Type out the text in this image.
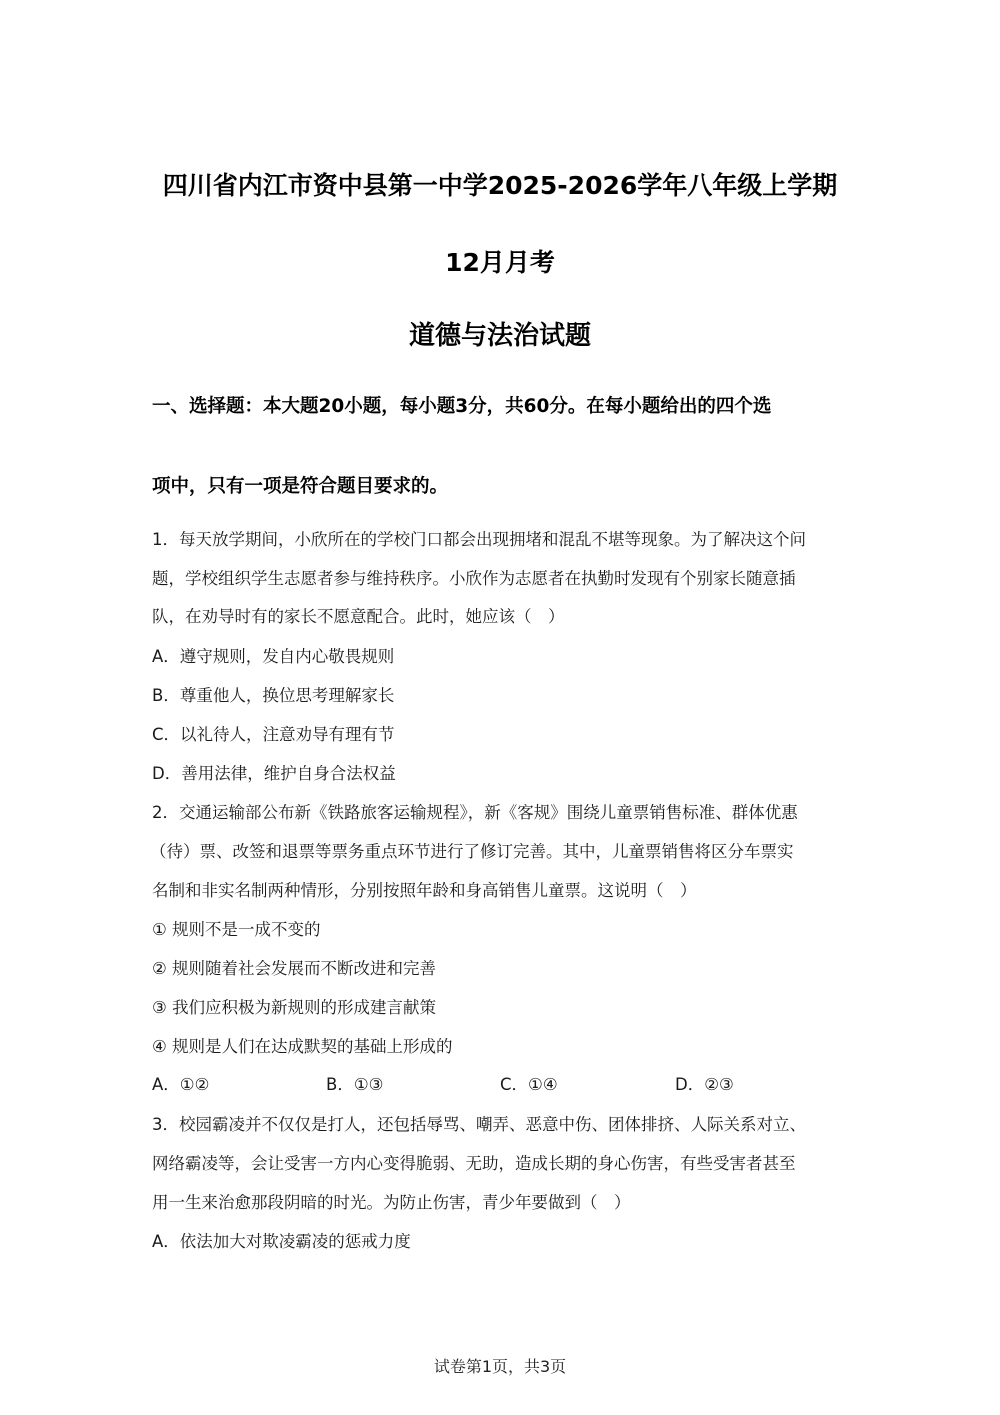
四川省内江市资中县第一中学2025-2026学年八年级上学期
12月月考
道德与法治试题
一、选择题：本大题20小题，每小题3分，共60分。在每小题给出的四个选
项中，只有一项是符合题目要求的。
1．每天放学期间，小欣所在的学校门口都会出现拥堵和混乱不堪等现象。为了解决这个问
题，学校组织学生志愿者参与维持秩序。小欣作为志愿者在执勤时发现有个别家长随意插
队，在劝导时有的家长不愿意配合。此时，她应该（　）
A．遵守规则，发自内心敬畏规则
B．尊重他人，换位思考理解家长
C．以礼待人，注意劝导有理有节
D．善用法律，维护自身合法权益
2．交通运输部公布新《铁路旅客运输规程》，新《客规》围绕儿童票销售标准、群体优惠
（待）票、改签和退票等票务重点环节进行了修订完善。其中，儿童票销售将区分车票实
名制和非实名制两种情形，分别按照年龄和身高销售儿童票。这说明（　）
① 规则不是一成不变的
② 规则随着社会发展而不断改进和完善
③ 我们应积极为新规则的形成建言献策
④ 规则是人们在达成默契的基础上形成的
A．①②	B．①③	C．①④	D．②③
3．校园霸凌并不仅仅是打人，还包括辱骂、嘲弄、恶意中伤、团体排挤、人际关系对立、
网络霸凌等，会让受害一方内心变得脆弱、无助，造成长期的身心伤害，有些受害者甚至
用一生来治愈那段阴暗的时光。为防止伤害，青少年要做到（　）
A．依法加大对欺凌霸凌的惩戒力度
试卷第1页，共3页
